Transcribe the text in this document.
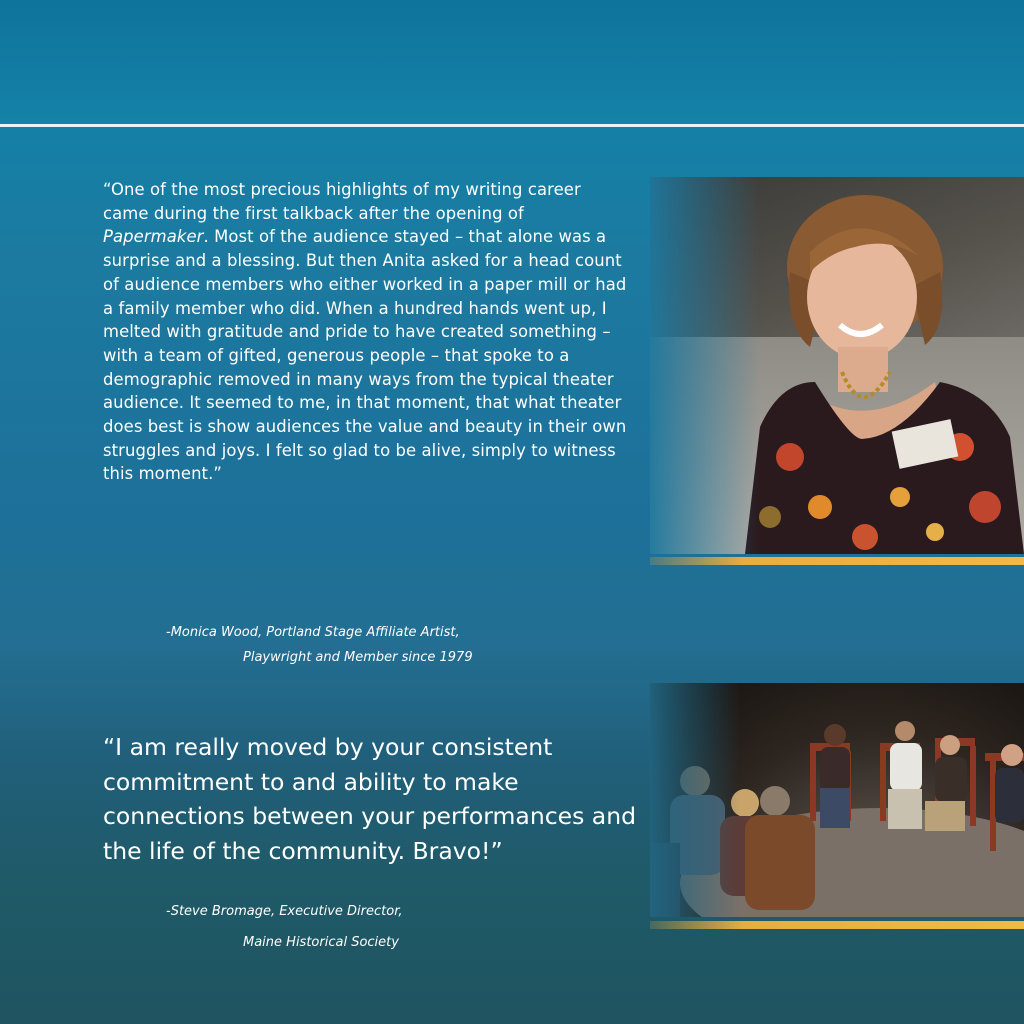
“One of the most precious highlights of my writing career came during the first talkback after the opening of Papermaker. Most of the audience stayed – that alone was a surprise and a blessing. But then Anita asked for a head count of audience members who either worked in a paper mill or had a family member who did. When a hundred hands went up, I melted with gratitude and pride to have created something – with a team of gifted, generous people – that spoke to a demographic removed in many ways from the typical theater audience. It seemed to me, in that moment, that what theater does best is show audiences the value and beauty in their own struggles and joys. I felt so glad to be alive, simply to witness this moment.”
-Monica Wood, Portland Stage Affiliate Artist,
Playwright and Member since 1979
“I am really moved by your consistent commitment to and ability to make connections between your performances and the life of the community. Bravo!”
-Steve Bromage, Executive Director,
Maine Historical Society
